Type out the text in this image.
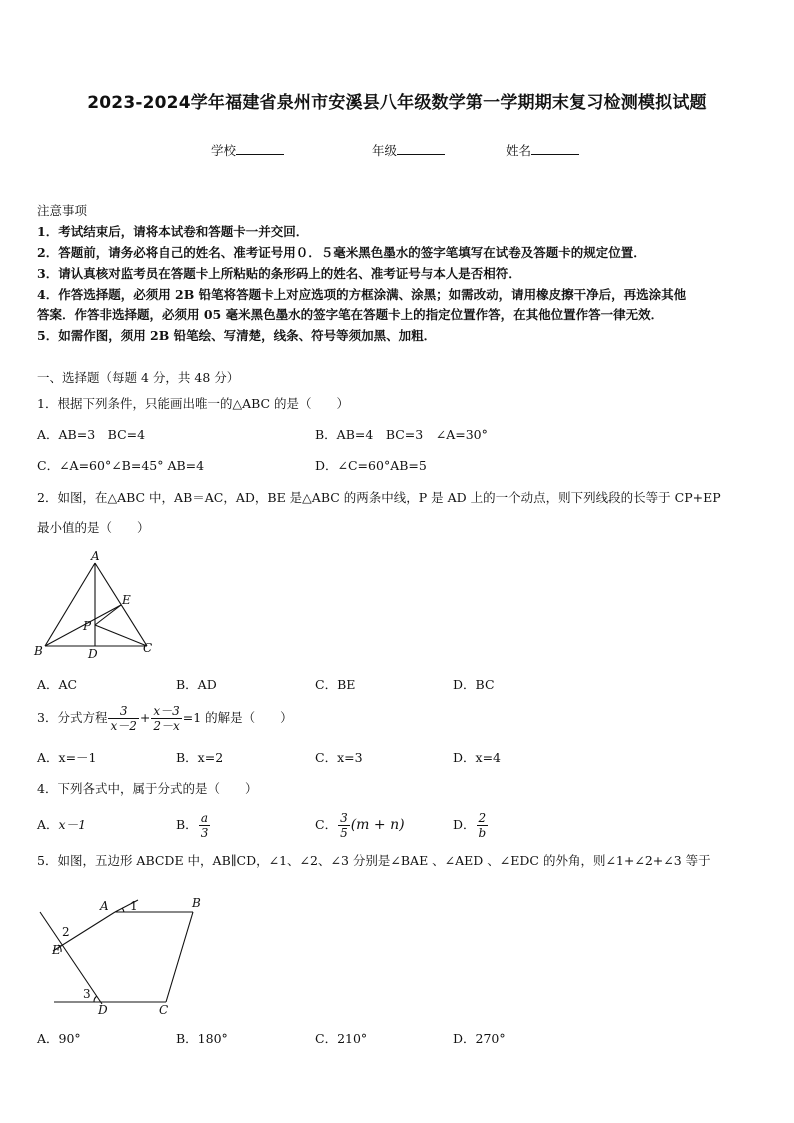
2023-2024学年福建省泉州市安溪县八年级数学第一学期期末复习检测模拟试题
学校	年级	姓名
注意事项
1．考试结束后，请将本试卷和答题卡一并交回．
2．答题前，请务必将自己的姓名、准考证号用０．５毫米黑色墨水的签字笔填写在试卷及答题卡的规定位置．
3．请认真核对监考员在答题卡上所粘贴的条形码上的姓名、准考证号与本人是否相符．
4．作答选择题，必须用 2B 铅笔将答题卡上对应选项的方框涂满、涂黑；如需改动，请用橡皮擦干净后，再选涂其他
答案．作答非选择题，必须用 05 毫米黑色墨水的签字笔在答题卡上的指定位置作答，在其他位置作答一律无效．
5．如需作图，须用 2B 铅笔绘、写清楚，线条、符号等须加黑、加粗．
一、选择题（每题 4 分，共 48 分）
1．根据下列条件，只能画出唯一的△ABC 的是（　　）
A．AB=3　BC=4	B．AB=4　BC=3　∠A=30°
C．∠A=60°∠B=45° AB=4	D．∠C=60°AB=5
2．如图，在△ABC 中，AB＝AC，AD，BE 是△ABC 的两条中线，P 是 AD 上的一个动点，则下列线段的长等于 CP+EP
最小值的是（　　）
A
B	C
D
E
P
A．AC	B．AD	C．BE	D．BC
3．分式方程 $\frac{3}{x-2} + \frac{x-3}{2-x} =1$ 的解是（　　）
A．x=－1	B．x=2	C．x=3	D．x=4
4．下列各式中，属于分式的是（　　）
A． x－1	B． $\frac{a}{3}$	C． $\frac{3}{5} (m + n)$	D． $\frac{2}{b}$
5．如图，五边形 ABCDE 中，AB∥CD，∠1、∠2、∠3 分别是∠BAE 、∠AED 、∠EDC 的外角，则∠1+∠2+∠3 等于
A	B
C
D
E
1
2
3
A．90°	B．180°	C．210°	D．270°
